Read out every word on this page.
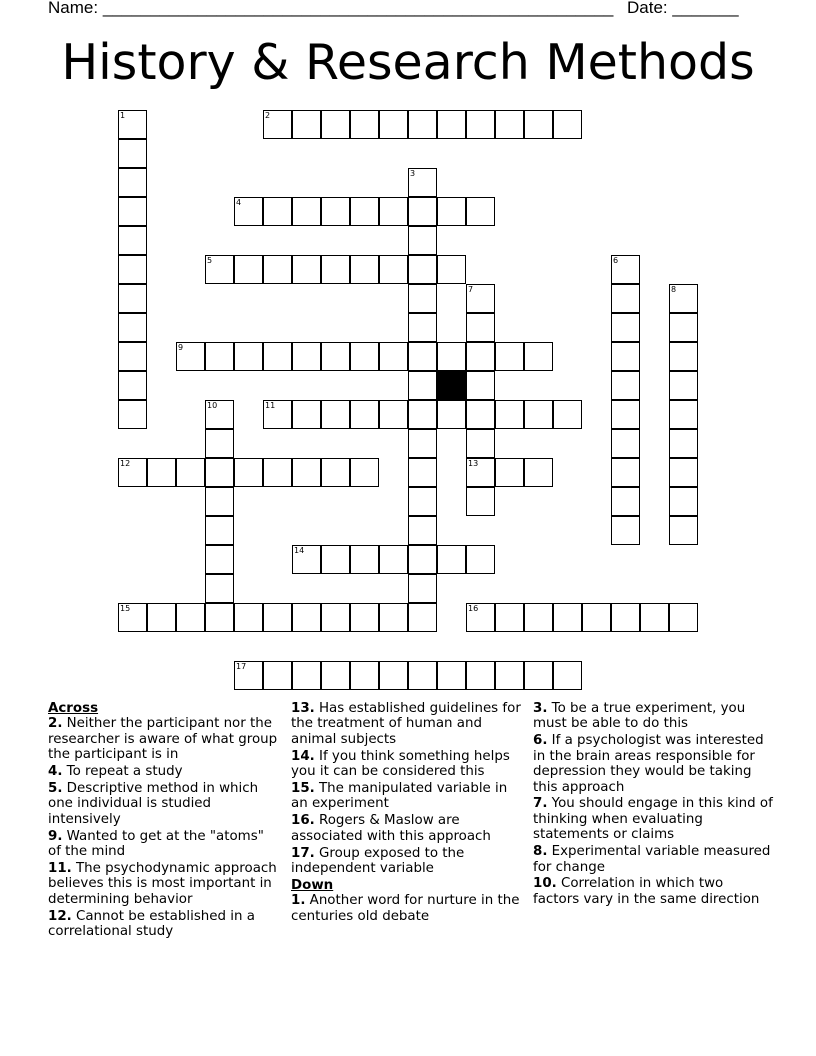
Name: ______________________________________________________ Date: _______
History & Research Methods
1	2
3
4
5	6
7
13
8
9
10	11
12
14
15	16
17

Across

2. Neither the participant nor the researcher is aware of what group the participant is in

4. To repeat a study

5. Descriptive method in which one individual is studied intensively

9. Wanted to get at the "atoms" of the mind

11. The psychodynamic approach believes this is most important in determining behavior

12. Cannot be established in a correlational study

13. Has established guidelines for the treatment of human and animal subjects

14. If you think something helps you it can be considered this

15. The manipulated variable in an experiment

16. Rogers & Maslow are associated with this approach

17. Group exposed to the independent variable

Down

1. Another word for nurture in the centuries old debate

3. To be a true experiment, you must be able to do this

6. If a psychologist was interested in the brain areas responsible for depression they would be taking this approach

7. You should engage in this kind of thinking when evaluating statements or claims

8. Experimental variable measured for change

10. Correlation in which two factors vary in the same direction
